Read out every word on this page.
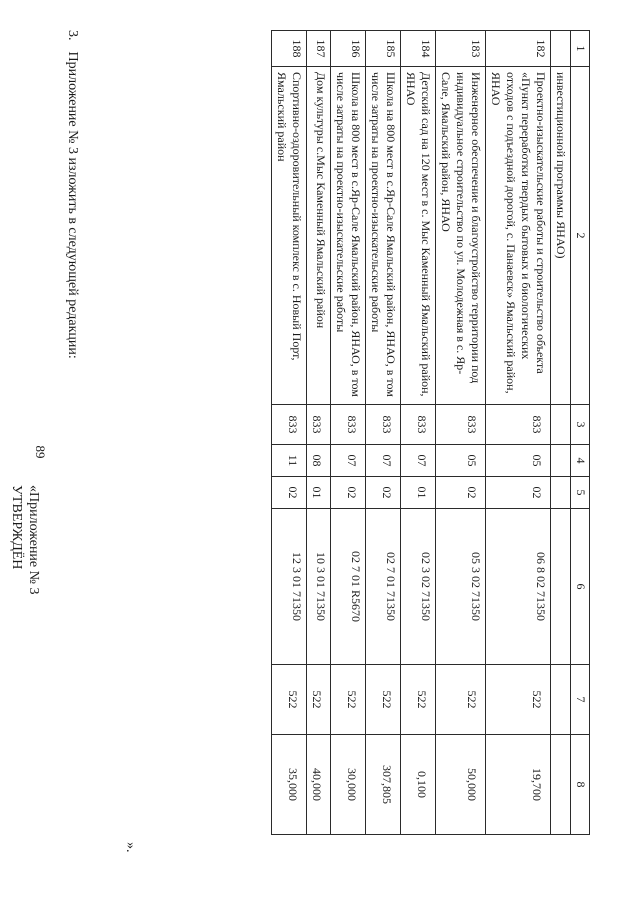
89
1	2	3	4	5	6	7	8
	инвестиционной программы ЯНАО)						
182	Проектно-изыскательские работы и строительство объекта «Пункт переработки твердых бытовых и биологических отходов с подъездной дорогой, с. Панаевск» Ямальский район, ЯНАО	833	05	02	06 8 02 71350	522	19,700
183	Инженерное обеспечение и благоустройство территории под индивидуальное строительство по ул. Молодежная в с. Яр-Сале, Ямальский район, ЯНАО	833	05	02	05 3 02 71350	522	50,000
184	Детский сад на 120 мест в с. Мыс Каменный Ямальский район, ЯНАО	833	07	01	02 3 02 71350	522	0,100
185	Школа на 800 мест в с.Яр-Сале Ямальский район, ЯНАО, в том числе затраты на проектно-изыскательские работы	833	07	02	02 7 01 71350	522	307,805
186	Школа на 800 мест в с.Яр-Сале Ямальский район, ЯНАО, в том числе затраты на проектно-изыскательские работы	833	07	02	02 7 01 R5670	522	30,000
187	Дом культуры с.Мыс Каменный Ямальский район	833	08	01	10 3 01 71350	522	40,000
188	Спортивно-оздоровительный комплекс в с. Новый Порт, Ямальский район	833	11	02	12 3 01 71350	522	35,000
».
3. Приложение № 3 изложить в следующей редакции:
«Приложение № 3
УТВЕРЖДЁН
